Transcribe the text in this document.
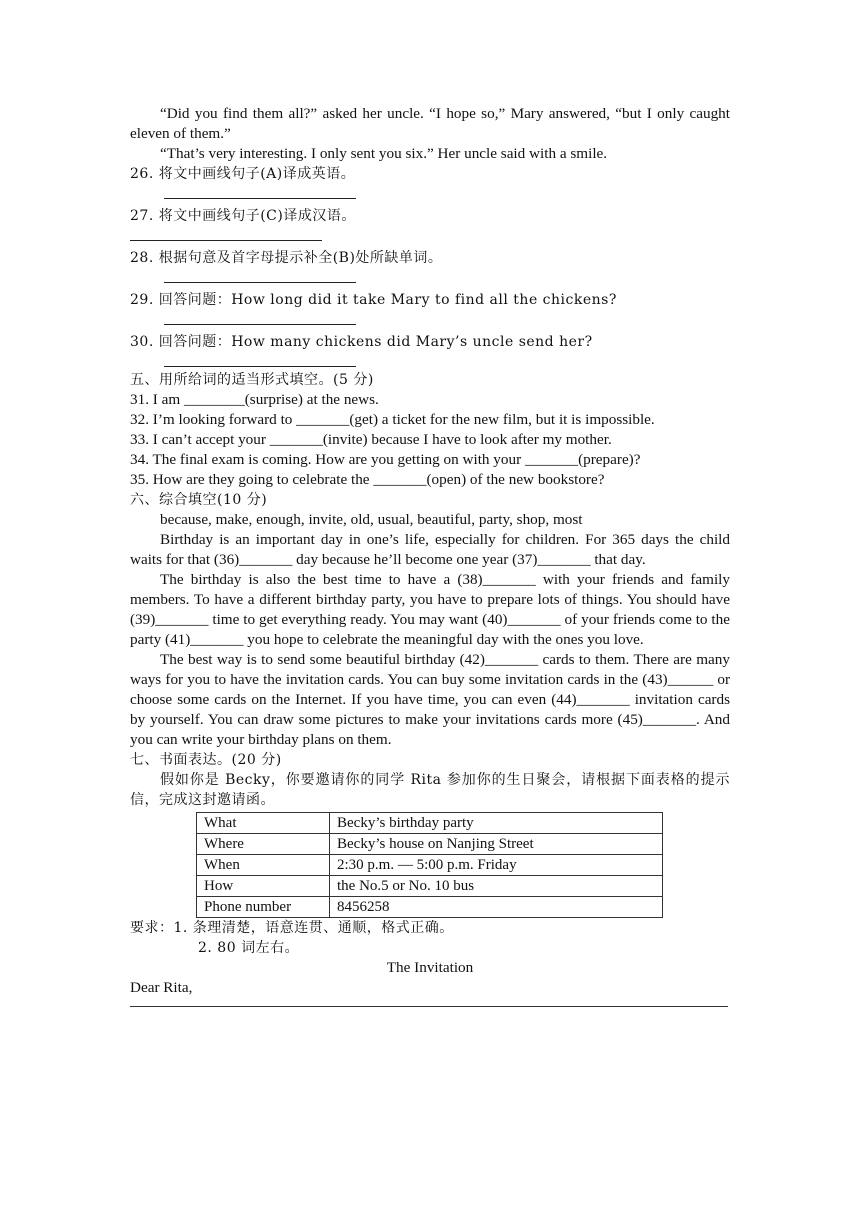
“Did you find them all?” asked her uncle. “I hope so,” Mary answered, “but I only caught eleven of them.”

“That’s very interesting. I only sent you six.” Her uncle said with a smile.

26. 将文中画线句子(A)译成英语。

27. 将文中画线句子(C)译成汉语。

28. 根据句意及首字母提示补全(B)处所缺单词。

29. 回答问题：How long did it take Mary to find all the chickens?

30. 回答问题：How many chickens did Mary’s uncle send her?

五、用所给词的适当形式填空。(5 分)

31. I am ________(surprise) at the news.

32. I’m looking forward to _______(get) a ticket for the new film, but it is impossible.

33. I can’t accept your _______(invite) because I have to look after my mother.

34. The final exam is coming. How are you getting on with your _______(prepare)?

35. How are they going to celebrate the _______(open) of the new bookstore?

六、综合填空(10 分)

because, make, enough, invite, old, usual, beautiful, party, shop, most

Birthday is an important day in one’s life, especially for children. For 365 days the child waits for that (36)_______ day because he’ll become one year (37)_______ that day.

The birthday is also the best time to have a (38)_______ with your friends and family members. To have a different birthday party, you have to prepare lots of things. You should have (39)_______ time to get everything ready. You may want (40)_______ of your friends come to the party (41)_______ you hope to celebrate the meaningful day with the ones you love.

The best way is to send some beautiful birthday (42)_______ cards to them. There are many ways for you to have the invitation cards. You can buy some invitation cards in the (43)______ or choose some cards on the Internet. If you have time, you can even (44)_______ invitation cards by yourself. You can draw some pictures to make your invitations cards more (45)_______. And you can write your birthday plans on them.

七、书面表达。(20 分)

假如你是 Becky，你要邀请你的同学 Rita 参加你的生日聚会，请根据下面表格的提示信，完成这封邀请函。

What	Becky’s birthday party
Where	Becky’s house on Nanjing Street
When	2:30 p.m. — 5:00 p.m. Friday
How	the No.5 or No. 10 bus
Phone number	8456258

要求：1. 条理清楚，语意连贯、通顺，格式正确。

2. 80 词左右。

The Invitation

Dear Rita,
